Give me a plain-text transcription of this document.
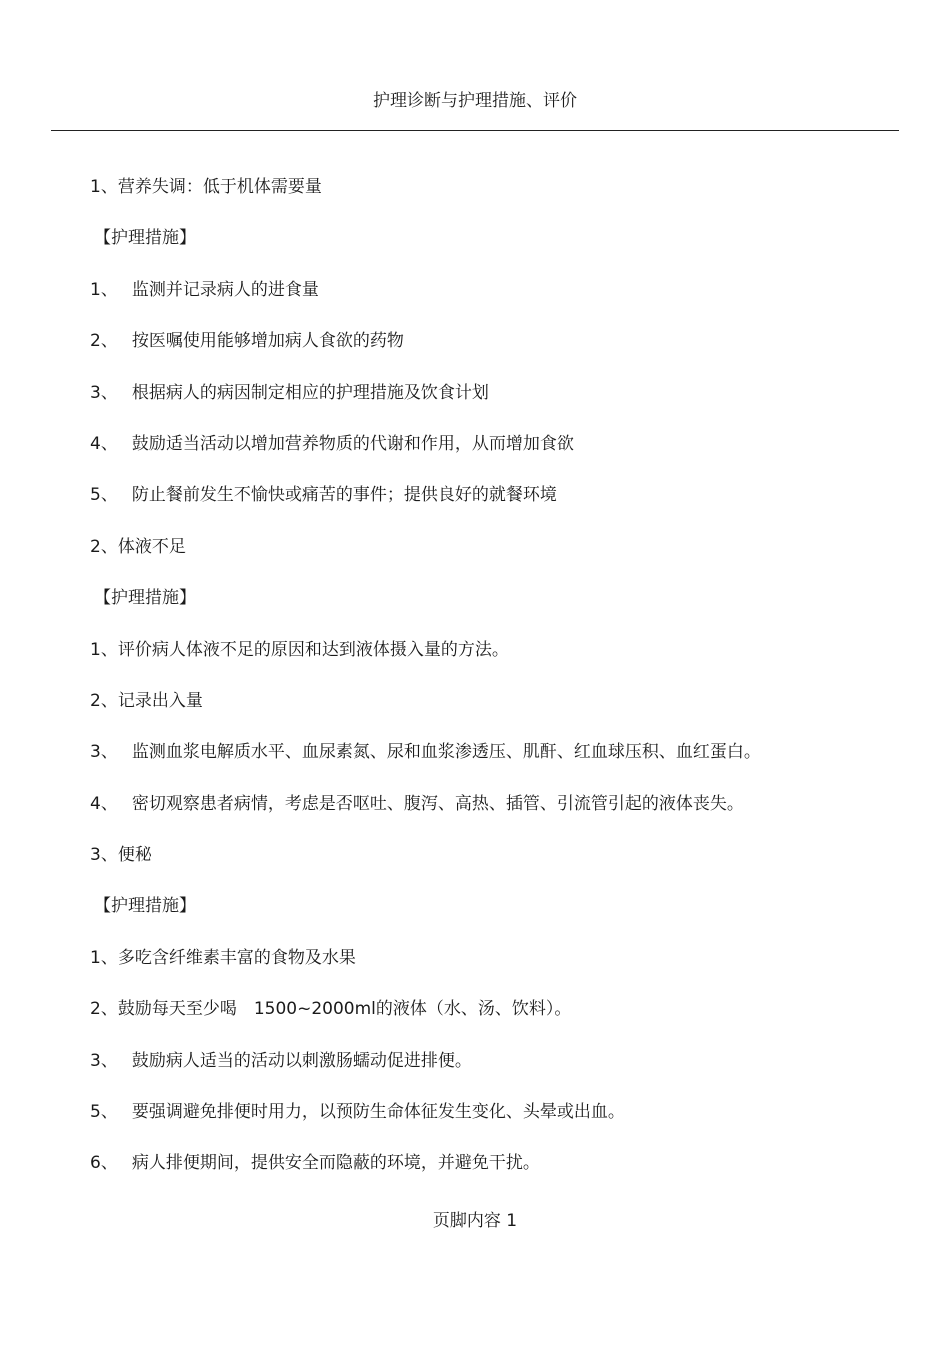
护理诊断与护理措施、评价
1、营养失调：低于机体需要量
【护理措施】
1、 监测并记录病人的进食量
2、 按医嘱使用能够增加病人食欲的药物
3、 根据病人的病因制定相应的护理措施及饮食计划
4、 鼓励适当活动以增加营养物质的代谢和作用，从而增加食欲
5、 防止餐前发生不愉快或痛苦的事件；提供良好的就餐环境
2、体液不足
【护理措施】
1、评价病人体液不足的原因和达到液体摄入量的方法。
2、记录出入量
3、 监测血浆电解质水平、血尿素氮、尿和血浆渗透压、肌酐、红血球压积、血红蛋白。
4、 密切观察患者病情，考虑是否呕吐、腹泻、高热、插管、引流管引起的液体丧失。
3、便秘
【护理措施】
1、多吃含纤维素丰富的食物及水果
2、鼓励每天至少喝　1500~2000ml的液体（水、汤、饮料）。
3、 鼓励病人适当的活动以刺激肠蠕动促进排便。
5、 要强调避免排便时用力，以预防生命体征发生变化、头晕或出血。
6、 病人排便期间，提供安全而隐蔽的环境，并避免干扰。
页脚内容 1
